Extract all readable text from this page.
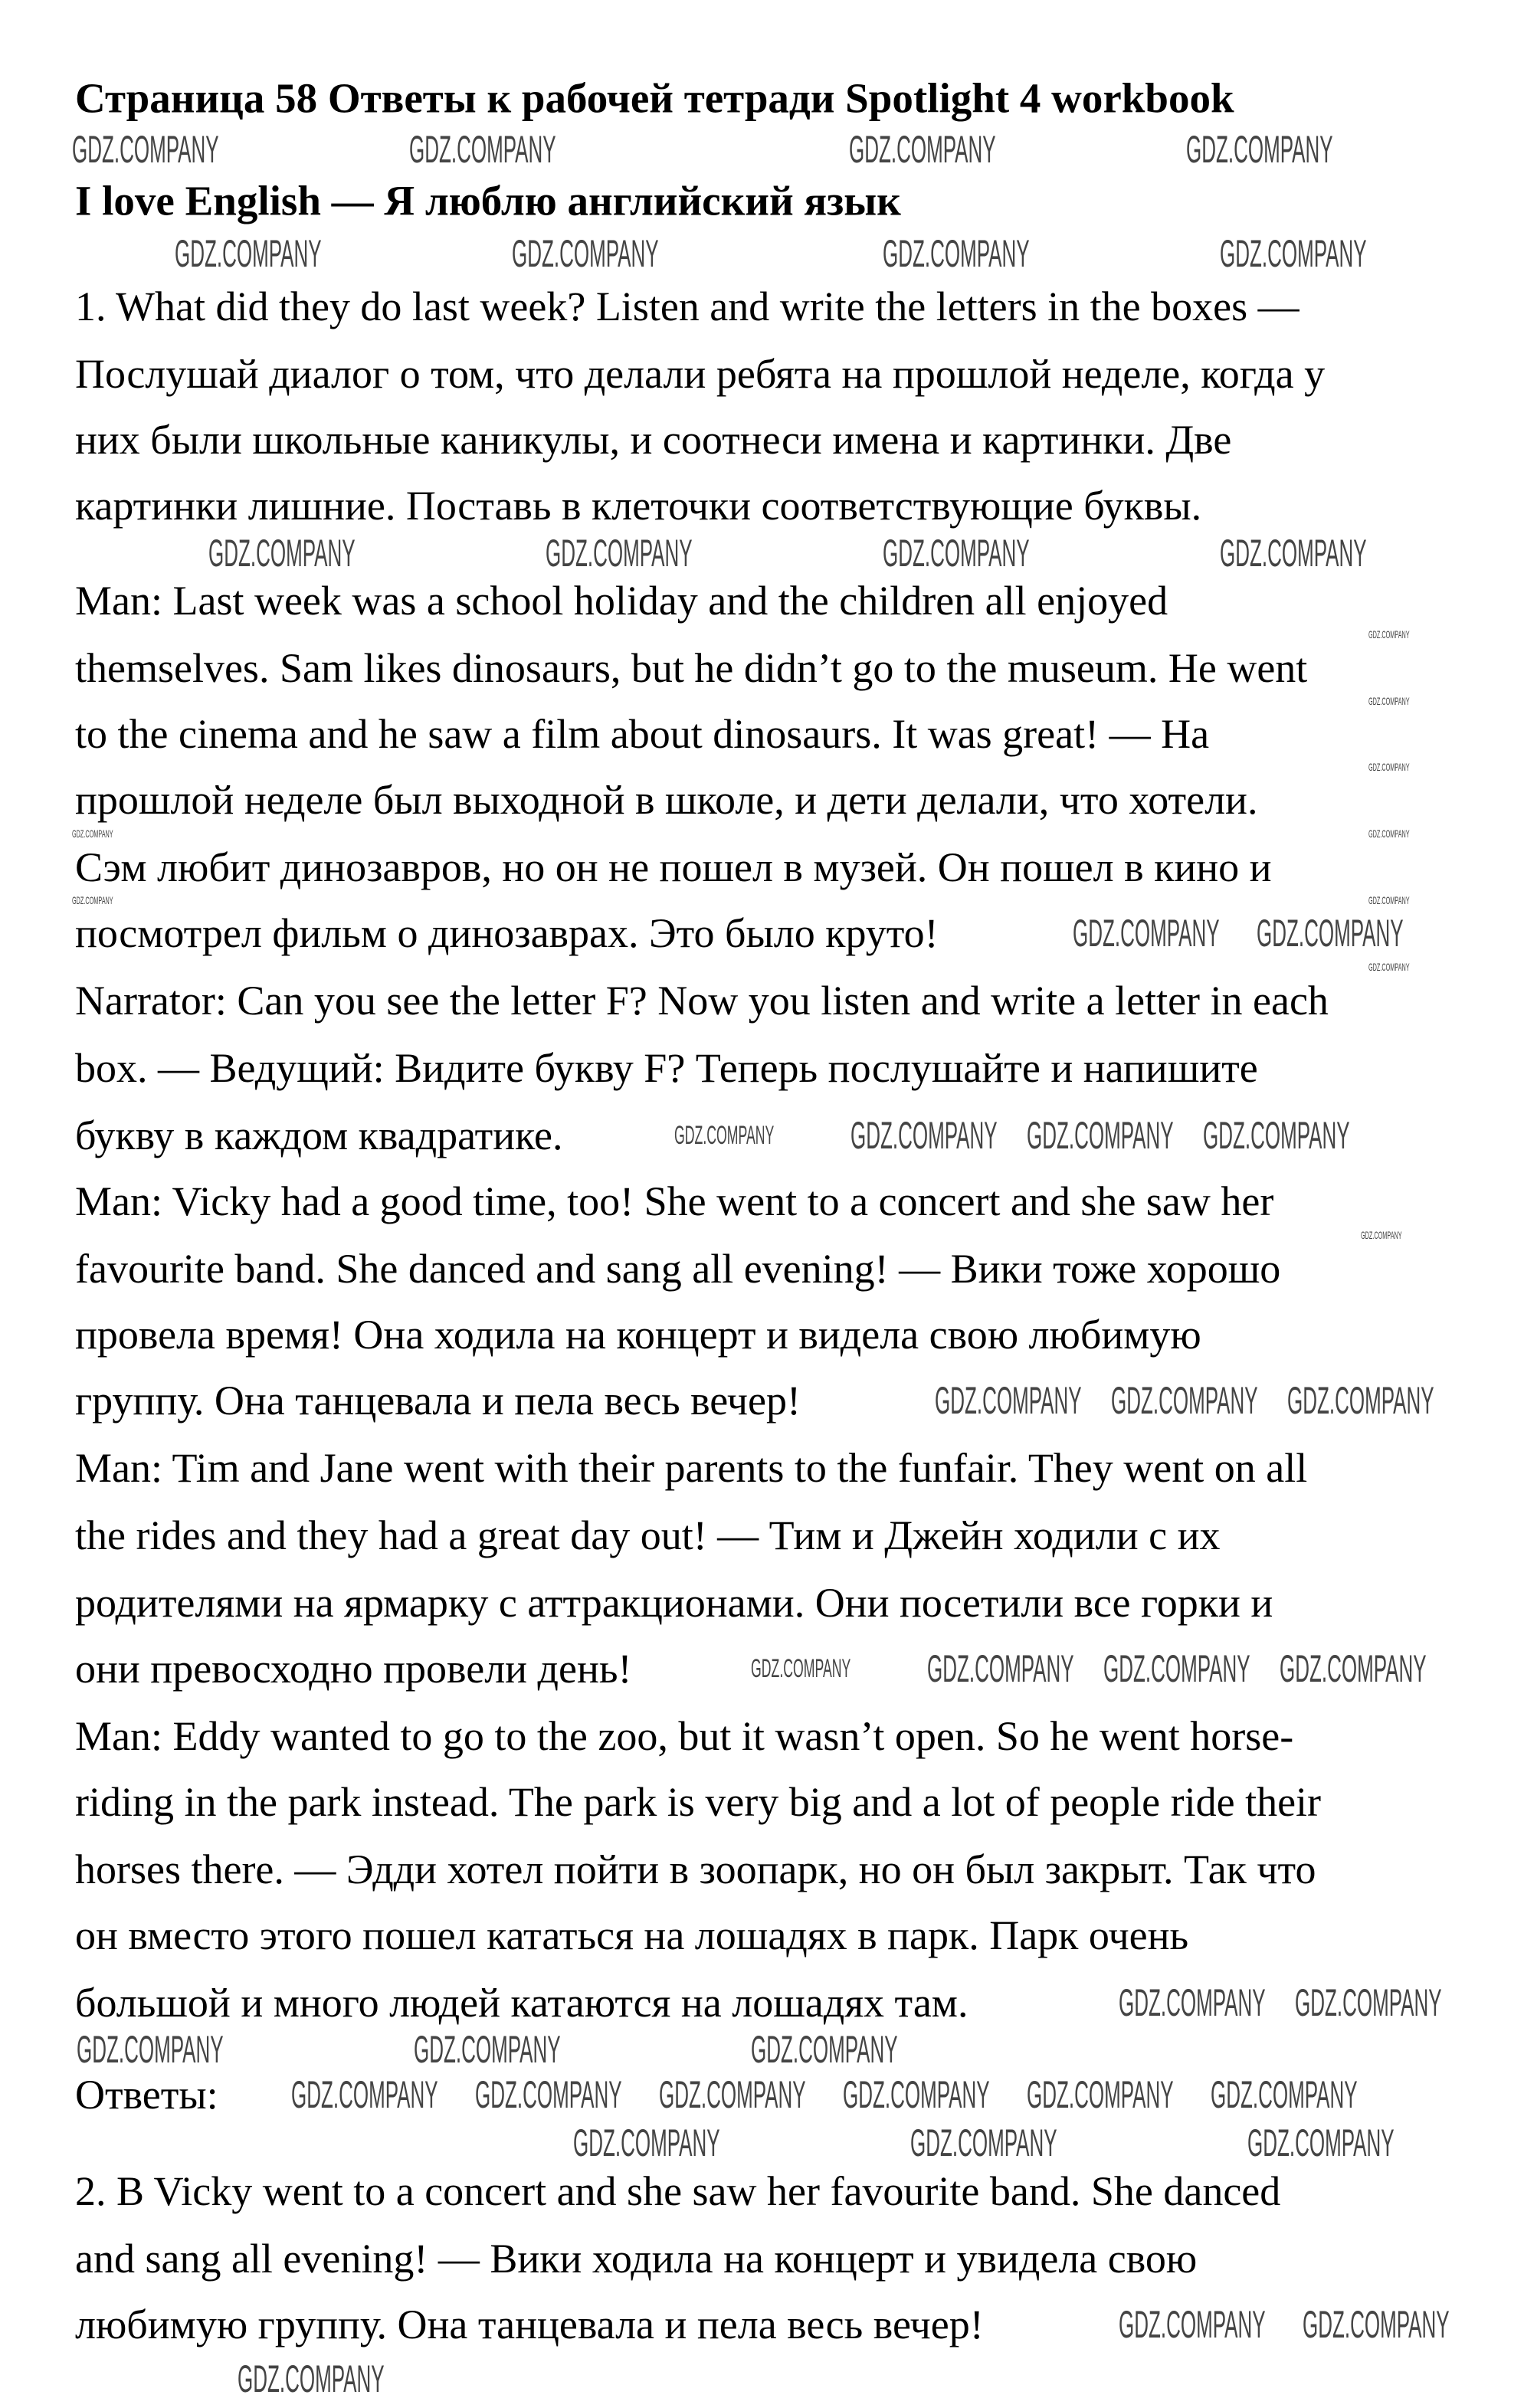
Страница 58 Ответы к рабочей тетради Spotlight 4 workbook
I love English — Я люблю английский язык
1. What did they do last week? Listen and write the letters in the boxes —
Послушай диалог о том, что делали ребята на прошлой неделе, когда у
них были школьные каникулы, и соотнеси имена и картинки. Две
картинки лишние. Поставь в клеточки соответствующие буквы.
Man: Last week was a school holiday and the children all enjoyed
themselves. Sam likes dinosaurs, but he didn’t go to the museum. He went
to the cinema and he saw a film about dinosaurs. It was great! — На
прошлой неделе был выходной в школе, и дети делали, что хотели.
Сэм любит динозавров, но он не пошел в музей. Он пошел в кино и
посмотрел фильм о динозаврах. Это было круто!
Narrator: Can you see the letter F? Now you listen and write a letter in each
box. — Ведущий: Видите букву F? Теперь послушайте и напишите
букву в каждом квадратике.
Man: Vicky had a good time, too! She went to a concert and she saw her
favourite band. She danced and sang all evening! — Вики тоже хорошо
провела время! Она ходила на концерт и видела свою любимую
группу. Она танцевала и пела весь вечер!
Man: Tim and Jane went with their parents to the funfair. They went on all
the rides and they had a great day out! — Тим и Джейн ходили с их
родителями на ярмарку с аттракционами. Они посетили все горки и
они превосходно провели день!
Man: Eddy wanted to go to the zoo, but it wasn’t open. So he went horse-
riding in the park instead. The park is very big and a lot of people ride their
horses there. — Эдди хотел пойти в зоопарк, но он был закрыт. Так что
он вместо этого пошел кататься на лошадях в парк. Парк очень
большой и много людей катаются на лошадях там.
Ответы:
2. B Vicky went to a concert and she saw her favourite band. She danced
and sang all evening! — Вики ходила на концерт и увидела свою
любимую группу. Она танцевала и пела весь вечер!
GDZ.COMPANY	GDZ.COMPANY	GDZ.COMPANY	GDZ.COMPANY
GDZ.COMPANY	GDZ.COMPANY	GDZ.COMPANY	GDZ.COMPANY
GDZ.COMPANY	GDZ.COMPANY	GDZ.COMPANY	GDZ.COMPANY
GDZ.COMPANY GDZ.COMPANY
GDZ.COMPANY GDZ.COMPANY GDZ.COMPANY GDZ.COMPANY
GDZ.COMPANY GDZ.COMPANY GDZ.COMPANY
GDZ.COMPANY GDZ.COMPANY GDZ.COMPANY GDZ.COMPANY
GDZ.COMPANY GDZ.COMPANY
GDZ.COMPANY	GDZ.COMPANY	GDZ.COMPANY
GDZ.COMPANY GDZ.COMPANY GDZ.COMPANY GDZ.COMPANY GDZ.COMPANY GDZ.COMPANY
GDZ.COMPANY	GDZ.COMPANY	GDZ.COMPANY
GDZ.COMPANY GDZ.COMPANY
GDZ.COMPANY
GDZ.COMPANY
GDZ.COMPANY
GDZ.COMPANY
GDZ.COMPANY
GDZ.COMPANY
GDZ.COMPANY
GDZ.COMPANY
GDZ.COMPANY
GDZ.COMPANY
